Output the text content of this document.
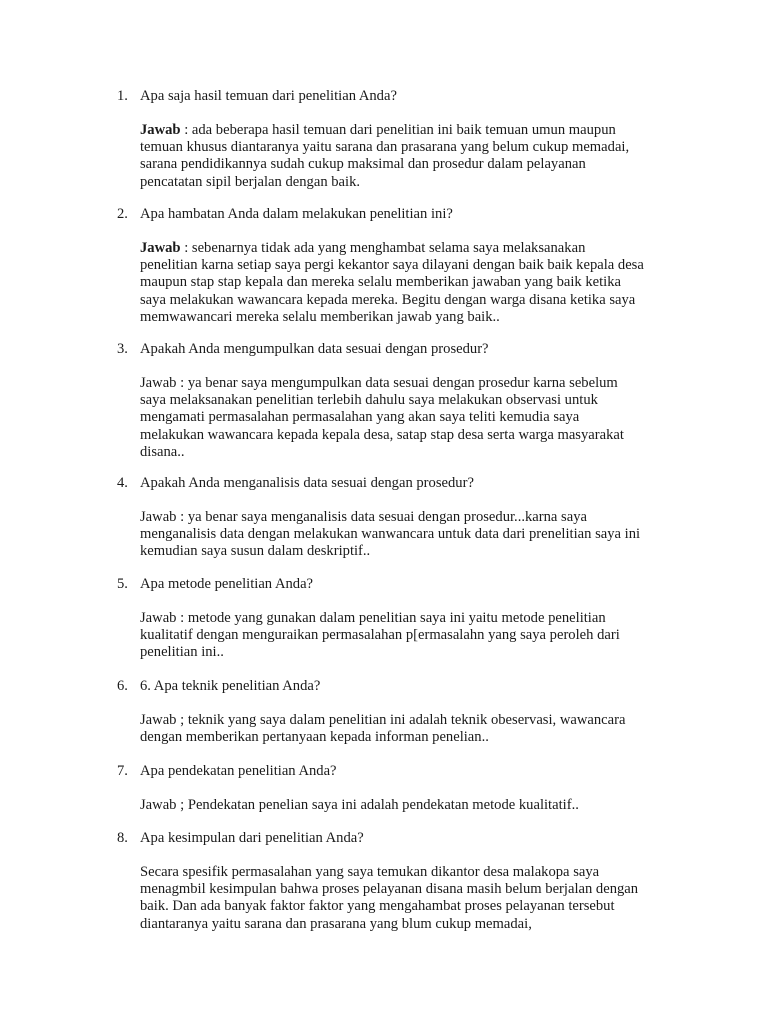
1. Apa saja hasil temuan dari penelitian Anda?
Jawab : ada beberapa hasil temuan dari penelitian ini baik temuan umun maupun
temuan khusus diantaranya yaitu sarana dan prasarana yang belum cukup memadai,
sarana pendidikannya sudah cukup maksimal dan prosedur dalam pelayanan
pencatatan sipil berjalan dengan baik.
2. Apa hambatan Anda dalam melakukan penelitian ini?
Jawab : sebenarnya tidak ada yang menghambat selama saya melaksanakan
penelitian karna setiap saya pergi kekantor saya dilayani dengan baik baik kepala desa
maupun stap stap kepala dan mereka selalu memberikan jawaban yang baik ketika
saya melakukan wawancara kepada mereka. Begitu dengan warga disana ketika saya
memwawancari mereka selalu memberikan jawab yang baik..
3. Apakah Anda mengumpulkan data sesuai dengan prosedur?
Jawab : ya benar saya mengumpulkan data sesuai dengan prosedur karna sebelum
saya melaksanakan penelitian terlebih dahulu saya melakukan observasi untuk
mengamati permasalahan permasalahan yang akan saya teliti kemudia saya
melakukan wawancara kepada kepala desa, satap stap desa serta warga masyarakat
disana..
4. Apakah Anda menganalisis data sesuai dengan prosedur?
Jawab : ya benar saya menganalisis data sesuai dengan prosedur...karna saya
menganalisis data dengan melakukan wanwancara untuk data dari prenelitian saya ini
kemudian saya susun dalam deskriptif..
5. Apa metode penelitian Anda?
Jawab : metode yang gunakan dalam penelitian saya ini yaitu metode penelitian
kualitatif dengan menguraikan permasalahan p[ermasalahn yang saya peroleh dari
penelitian ini..
6. 6. Apa teknik penelitian Anda?
Jawab ; teknik yang saya dalam penelitian ini adalah teknik obeservasi, wawancara
dengan memberikan pertanyaan kepada informan penelian..
7. Apa pendekatan penelitian Anda?
Jawab ; Pendekatan penelian saya ini adalah pendekatan metode kualitatif..
8. Apa kesimpulan dari penelitian Anda?
Secara spesifik permasalahan yang saya temukan dikantor desa malakopa saya
menagmbil kesimpulan bahwa proses pelayanan disana masih belum berjalan dengan
baik. Dan ada banyak faktor faktor yang mengahambat proses pelayanan tersebut
diantaranya yaitu sarana dan prasarana yang blum cukup memadai,
